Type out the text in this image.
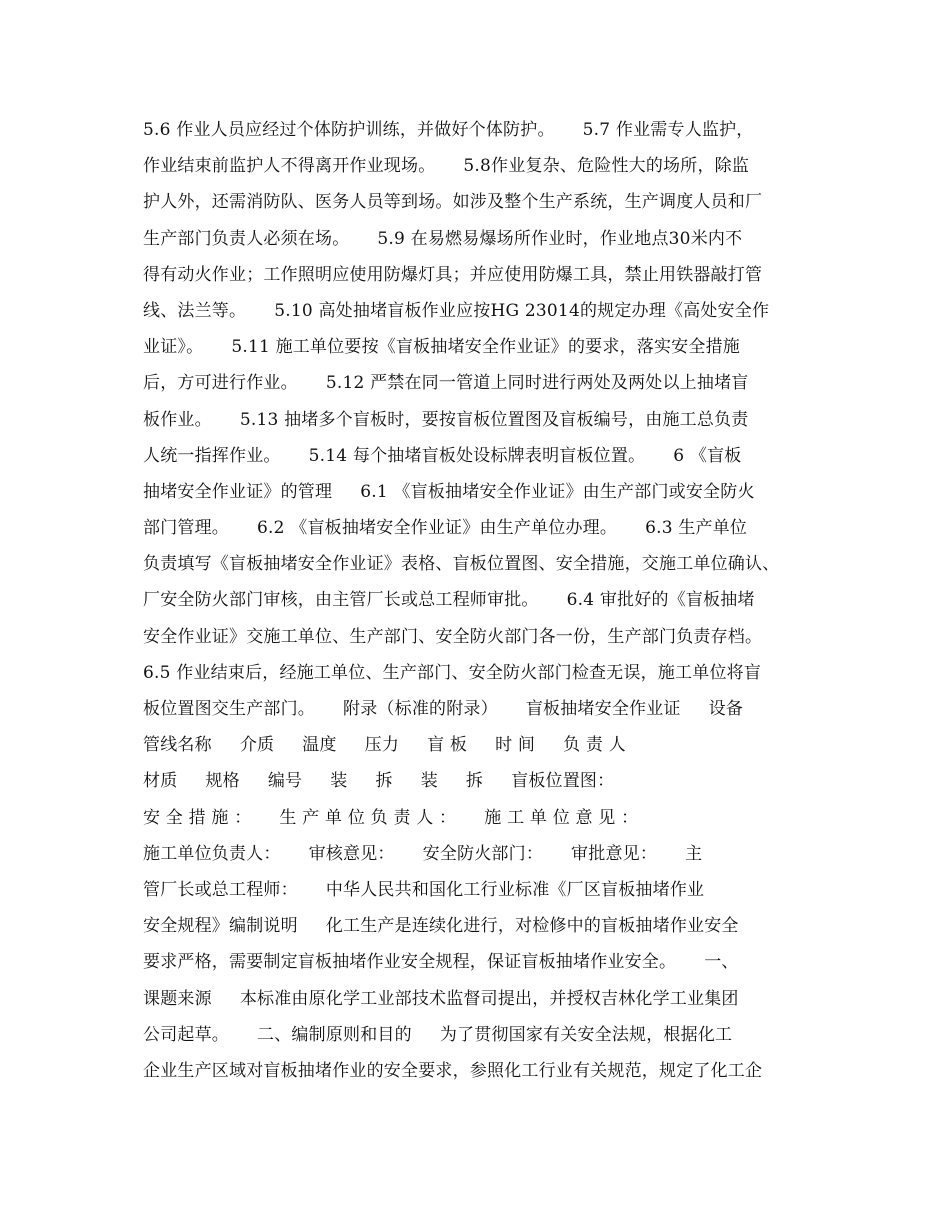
5.6 作业人员应经过个体防护训练，并做好个体防护。     5.7 作业需专人监护，
作业结束前监护人不得离开作业现场。     5.8作业复杂、危险性大的场所，除监
护人外，还需消防队、医务人员等到场。如涉及整个生产系统，生产调度人员和厂
生产部门负责人必须在场。     5.9 在易燃易爆场所作业时，作业地点30米内不
得有动火作业；工作照明应使用防爆灯具；并应使用防爆工具，禁止用铁器敲打管
线、法兰等。     5.10 高处抽堵盲板作业应按HG 23014的规定办理《高处安全作
业证》。     5.11 施工单位要按《盲板抽堵安全作业证》的要求，落实安全措施
后，方可进行作业。     5.12 严禁在同一管道上同时进行两处及两处以上抽堵盲
板作业。     5.13 抽堵多个盲板时，要按盲板位置图及盲板编号，由施工总负责
人统一指挥作业。     5.14 每个抽堵盲板处设标牌表明盲板位置。     6 《盲板
抽堵安全作业证》的管理     6.1 《盲板抽堵安全作业证》由生产部门或安全防火
部门管理。     6.2 《盲板抽堵安全作业证》由生产单位办理。     6.3 生产单位
负责填写《盲板抽堵安全作业证》表格、盲板位置图、安全措施，交施工单位确认、
厂安全防火部门审核，由主管厂长或总工程师审批。     6.4 审批好的《盲板抽堵
安全作业证》交施工单位、生产部门、安全防火部门各一份，生产部门负责存档。
6.5 作业结束后，经施工单位、生产部门、安全防火部门检查无误，施工单位将盲
板位置图交生产部门。     附录（标准的附录）     盲板抽堵安全作业证     设备
管线名称     介质     温度     压力     盲 板     时 间     负 责 人
材质     规格     编号     装     拆     装     拆     盲板位置图：
安 全 措 施 ：     生 产 单 位 负 责 人 ：     施 工 单 位 意 见 ：
施工单位负责人：     审核意见：     安全防火部门：     审批意见：     主
管厂长或总工程师：     中华人民共和国化工行业标准《厂区盲板抽堵作业
安全规程》编制说明     化工生产是连续化进行，对检修中的盲板抽堵作业安全
要求严格，需要制定盲板抽堵作业安全规程，保证盲板抽堵作业安全。     一、
课题来源     本标准由原化学工业部技术监督司提出，并授权吉林化学工业集团
公司起草。     二、编制原则和目的     为了贯彻国家有关安全法规，根据化工
企业生产区域对盲板抽堵作业的安全要求，参照化工行业有关规范，规定了化工企
